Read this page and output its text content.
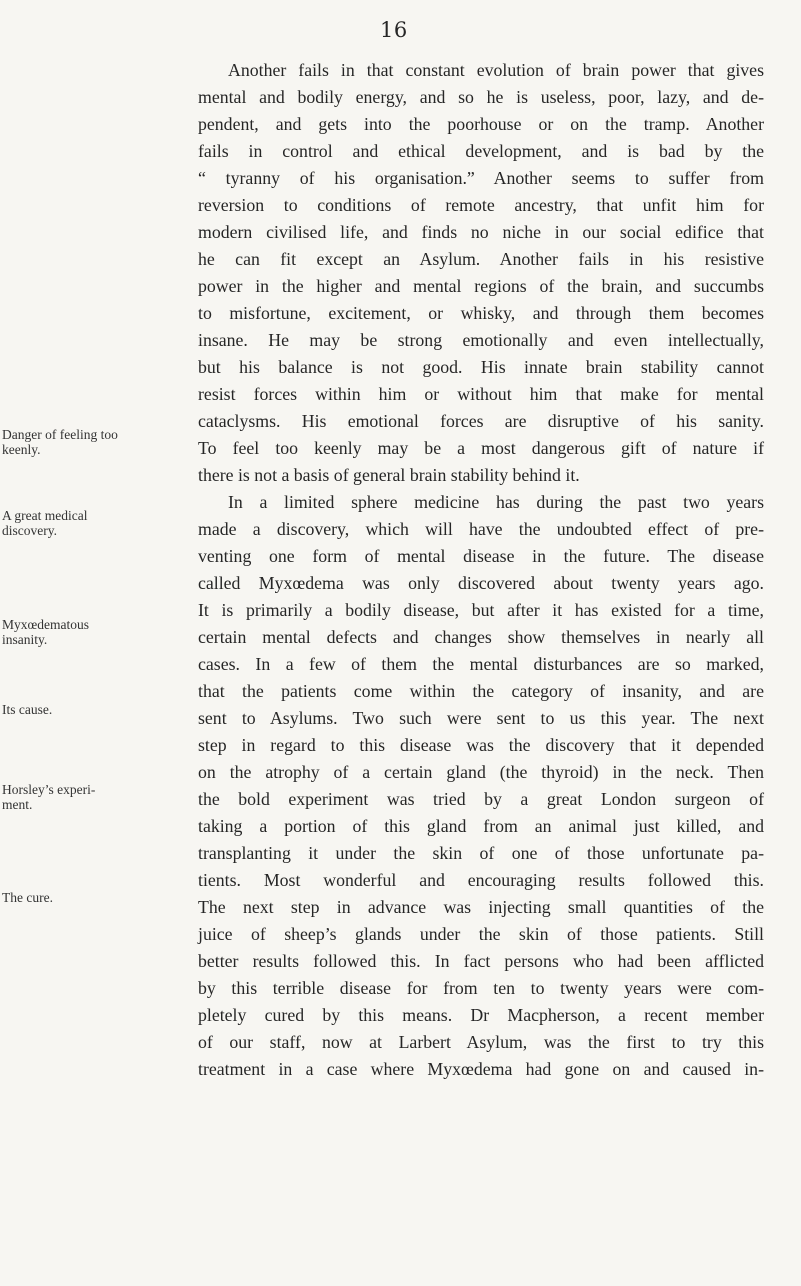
16
Danger of feeling too keenly.
A great medical discovery.
Myxœdematous insanity.
Its cause.
Horsley’s experi-ment.
The cure.
Another fails in that constant evolution of brain power that gives
mental and bodily energy, and so he is useless, poor, lazy, and de-
pendent, and gets into the poorhouse or on the tramp. Another
fails in control and ethical development, and is bad by the
“ tyranny of his organisation.” Another seems to suffer from
reversion to conditions of remote ancestry, that unfit him for
modern civilised life, and finds no niche in our social edifice that
he can fit except an Asylum. Another fails in his resistive
power in the higher and mental regions of the brain, and succumbs
to misfortune, excitement, or whisky, and through them becomes
insane. He may be strong emotionally and even intellectually,
but his balance is not good. His innate brain stability cannot
resist forces within him or without him that make for mental
cataclysms. His emotional forces are disruptive of his sanity.
To feel too keenly may be a most dangerous gift of nature if
there is not a basis of general brain stability behind it.
In a limited sphere medicine has during the past two years
made a discovery, which will have the undoubted effect of pre-
venting one form of mental disease in the future. The disease
called Myxœdema was only discovered about twenty years ago.
It is primarily a bodily disease, but after it has existed for a time,
certain mental defects and changes show themselves in nearly all
cases. In a few of them the mental disturbances are so marked,
that the patients come within the category of insanity, and are
sent to Asylums. Two such were sent to us this year. The next
step in regard to this disease was the discovery that it depended
on the atrophy of a certain gland (the thyroid) in the neck. Then
the bold experiment was tried by a great London surgeon of
taking a portion of this gland from an animal just killed, and
transplanting it under the skin of one of those unfortunate pa-
tients. Most wonderful and encouraging results followed this.
The next step in advance was injecting small quantities of the
juice of sheep’s glands under the skin of those patients. Still
better results followed this. In fact persons who had been afflicted
by this terrible disease for from ten to twenty years were com-
pletely cured by this means. Dr Macpherson, a recent member
of our staff, now at Larbert Asylum, was the first to try this
treatment in a case where Myxœdema had gone on and caused in-
